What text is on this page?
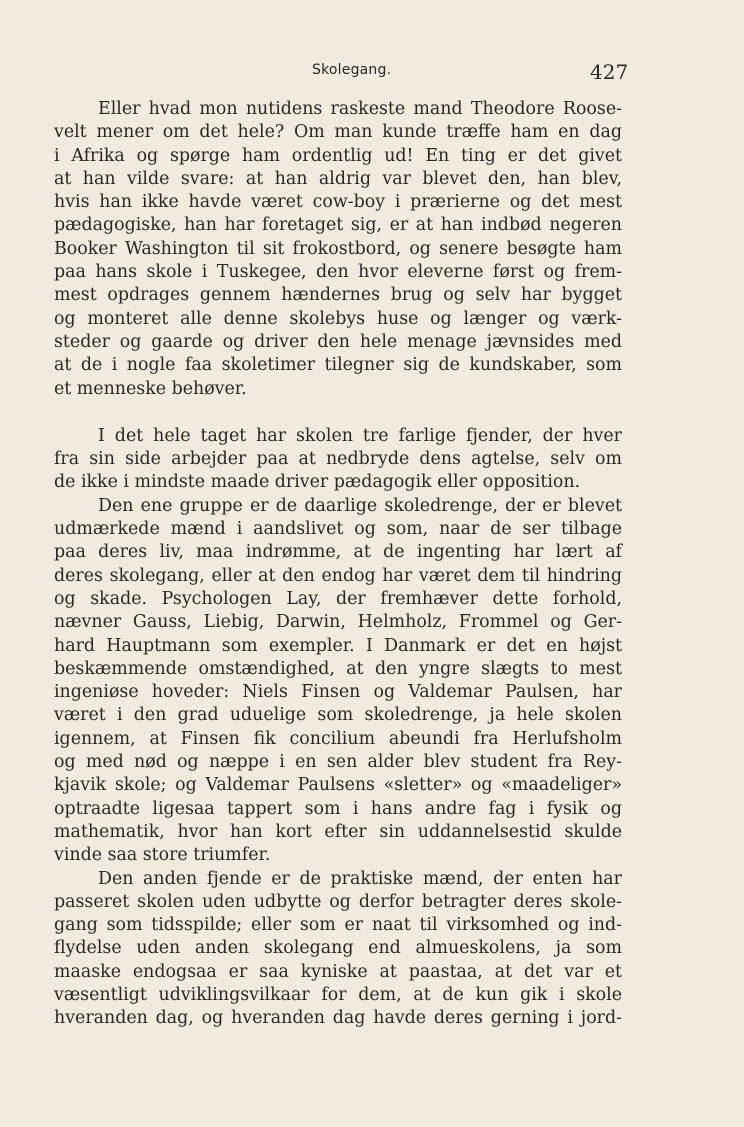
Skolegang.	427
Eller hvad mon nutidens raskeste mand Theodore Roose-
velt mener om det hele? Om man kunde træffe ham en dag
i Afrika og spørge ham ordentlig ud! En ting er det givet
at han vilde svare: at han aldrig var blevet den, han blev,
hvis han ikke havde været cow-boy i prærierne og det mest
pædagogiske, han har foretaget sig, er at han indbød negeren
Booker Washington til sit frokostbord, og senere besøgte ham
paa hans skole i Tuskegee, den hvor eleverne først og frem-
mest opdrages gennem hændernes brug og selv har bygget
og monteret alle denne skolebys huse og længer og værk-
steder og gaarde og driver den hele menage jævnsides med
at de i nogle faa skoletimer tilegner sig de kundskaber, som
et menneske behøver.
I det hele taget har skolen tre farlige fjender, der hver
fra sin side arbejder paa at nedbryde dens agtelse, selv om
de ikke i mindste maade driver pædagogik eller opposition.
Den ene gruppe er de daarlige skoledrenge, der er blevet
udmærkede mænd i aandslivet og som, naar de ser tilbage
paa deres liv, maa indrømme, at de ingenting har lært af
deres skolegang, eller at den endog har været dem til hindring
og skade. Psychologen Lay, der fremhæver dette forhold,
nævner Gauss, Liebig, Darwin, Helmholz, Frommel og Ger-
hard Hauptmann som exempler. I Danmark er det en højst
beskæmmende omstændighed, at den yngre slægts to mest
ingeniøse hoveder: Niels Finsen og Valdemar Paulsen, har
været i den grad uduelige som skoledrenge, ja hele skolen
igennem, at Finsen fik concilium abeundi fra Herlufsholm
og med nød og næppe i en sen alder blev student fra Rey-
kjavik skole; og Valdemar Paulsens «sletter» og «maadeliger»
optraadte ligesaa tappert som i hans andre fag i fysik og
mathematik, hvor han kort efter sin uddannelsestid skulde
vinde saa store triumfer.
Den anden fjende er de praktiske mænd, der enten har
passeret skolen uden udbytte og derfor betragter deres skole-
gang som tidsspilde; eller som er naat til virksomhed og ind-
flydelse uden anden skolegang end almueskolens, ja som
maaske endogsaa er saa kyniske at paastaa, at det var et
væsentligt udviklingsvilkaar for dem, at de kun gik i skole
hveranden dag, og hveranden dag havde deres gerning i jord-
